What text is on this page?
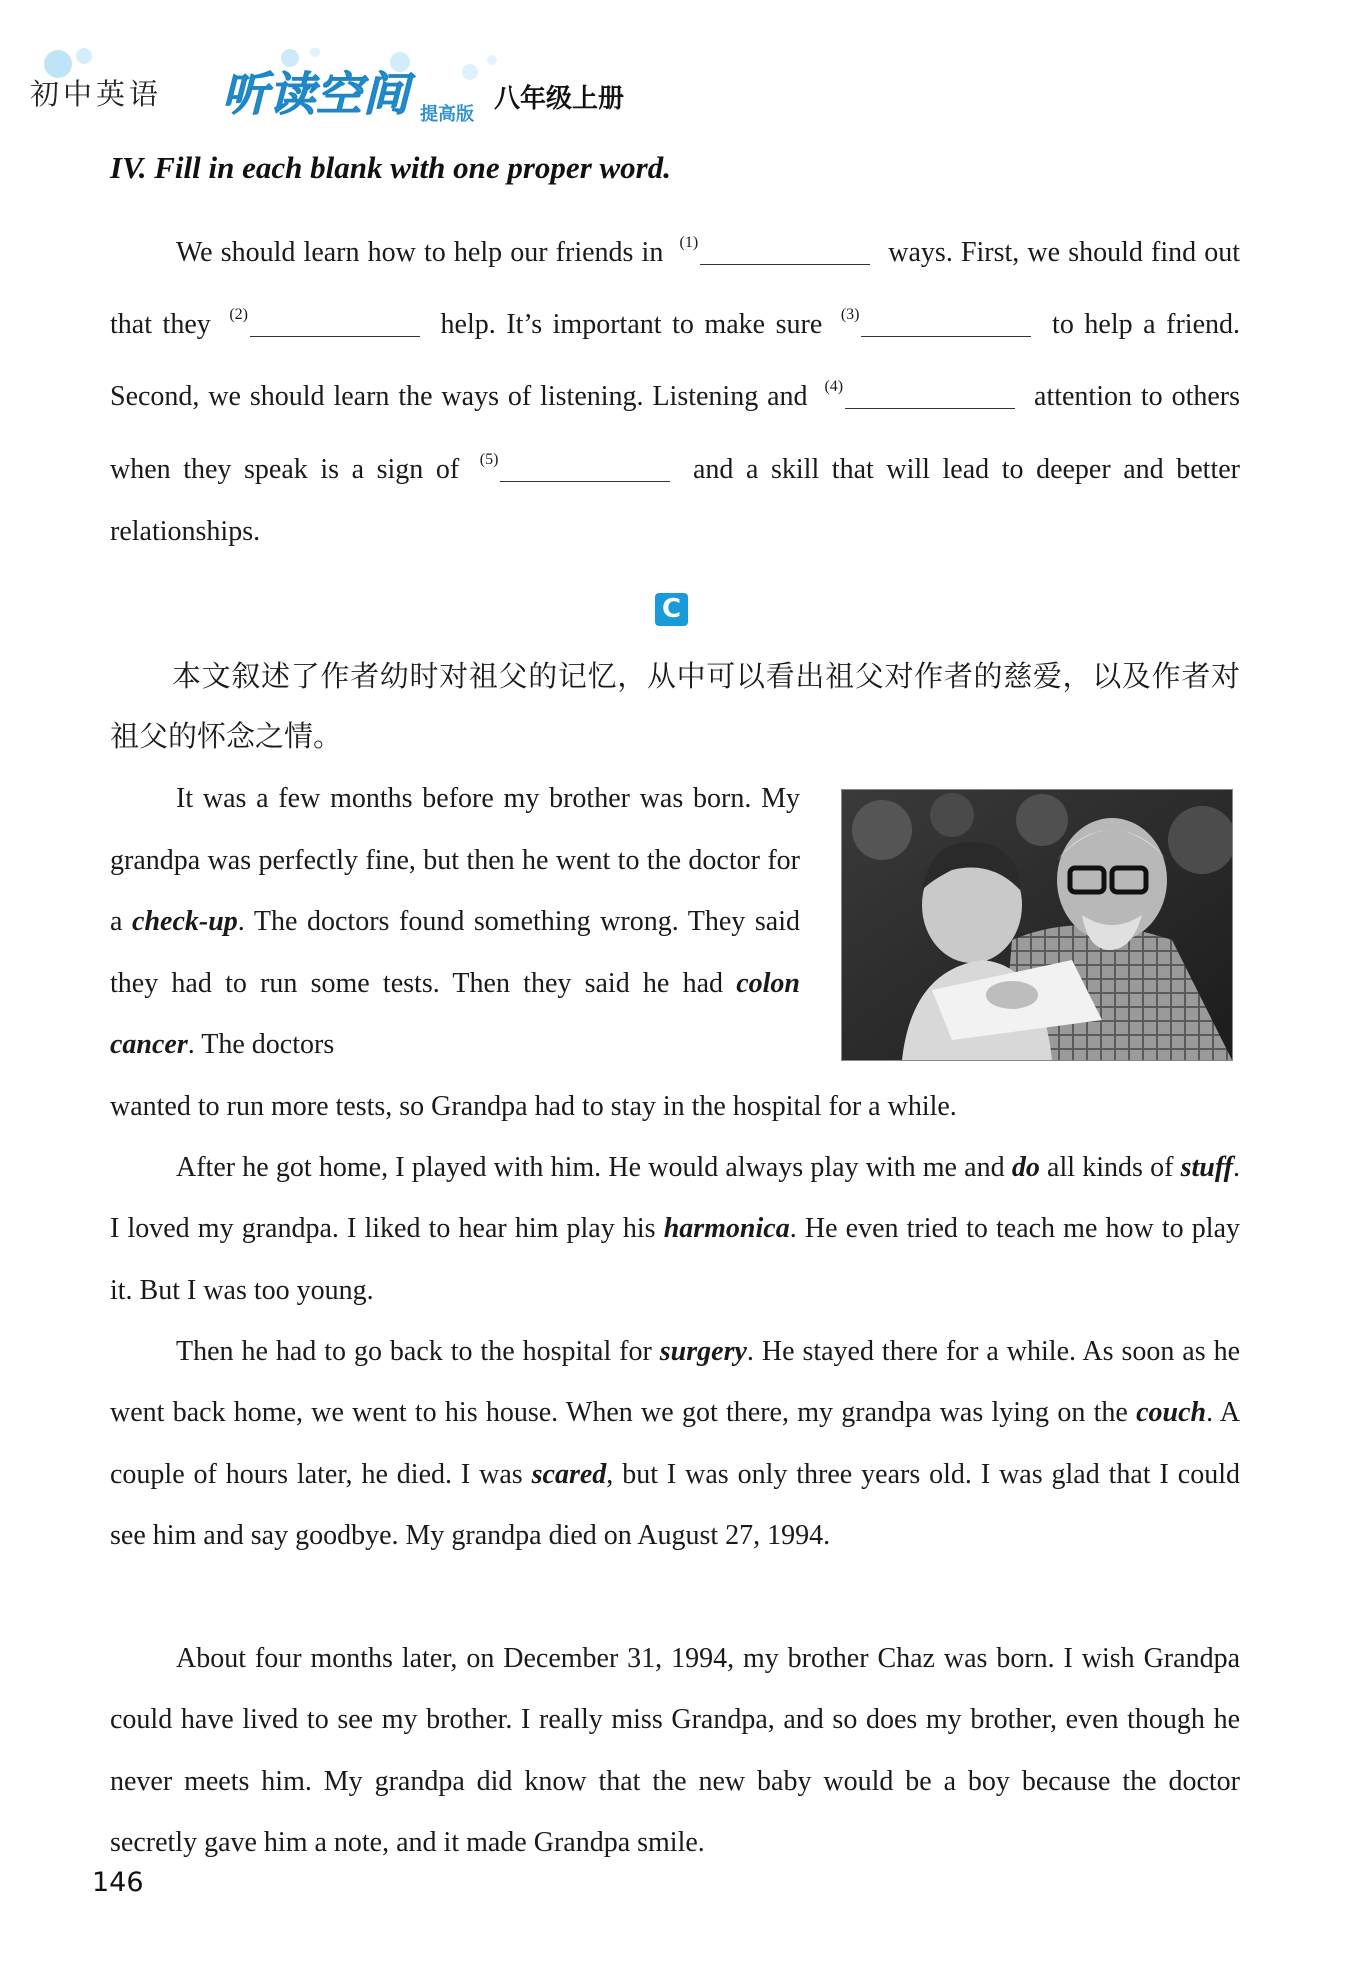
初中英语 听读空间 提高版
八年级上册
IV. Fill in each blank with one proper word.

We should learn how to help our friends in $^{(1)}$	ways. First, we should find out that they $^{(2)}$	help. It’s important to make sure $^{(3)}$	to help a friend. Second, we should learn the ways of listening. Listening and $^{(4)}$	attention to others when they speak is a sign of $^{(5)}$	and a skill that will lead to deeper and better relationships.

C
本文叙述了作者幼时对祖父的记忆，从中可以看出祖父对作者的慈爱，以及作者对祖父的怀念之情。

It was a few months before my brother was born. My grandpa was perfectly fine, but then he went to the doctor for a check-up. The doctors found something wrong. They said they had to run some tests. Then they said he had colon cancer. The doctors

wanted to run more tests, so Grandpa had to stay in the hospital for a while.

After he got home, I played with him. He would always play with me and do all kinds of stuff. I loved my grandpa. I liked to hear him play his harmonica. He even tried to teach me how to play it. But I was too young.

Then he had to go back to the hospital for surgery. He stayed there for a while. As soon as he went back home, we went to his house. When we got there, my grandpa was lying on the couch. A couple of hours later, he died. I was scared, but I was only three years old. I was glad that I could see him and say goodbye. My grandpa died on August 27, 1994.

About four months later, on December 31, 1994, my brother Chaz was born. I wish Grandpa could have lived to see my brother. I really miss Grandpa, and so does my brother, even though he never meets him. My grandpa did know that the new baby would be a boy because the doctor secretly gave him a note, and it made Grandpa smile.

146
